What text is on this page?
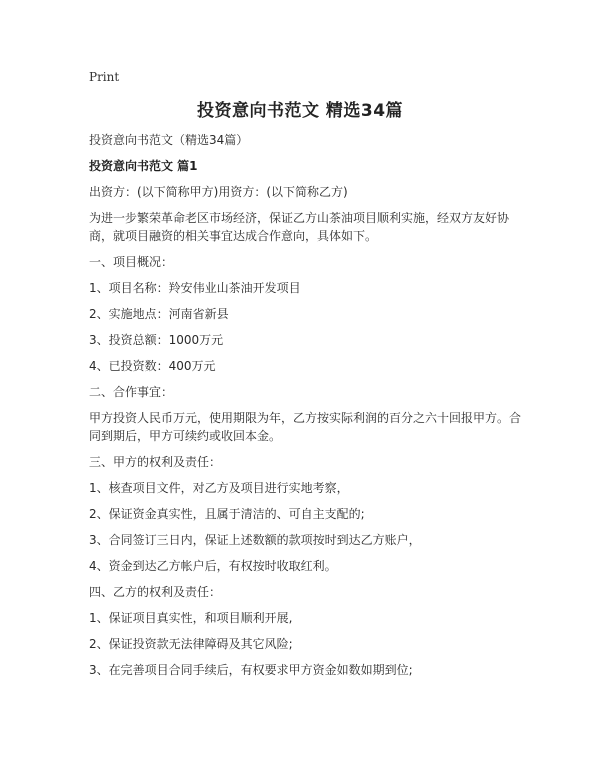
Print
投资意向书范文 精选34篇

投资意向书范文（精选34篇）

投资意向书范文 篇1

出资方：(以下简称甲方)用资方：(以下简称乙方)

为进一步繁荣革命老区市场经济，保证乙方山茶油项目顺利实施，经双方友好协商，就项目融资的相关事宜达成合作意向，具体如下。

一、项目概况：

1、项目名称：羚安伟业山茶油开发项目

2、实施地点：河南省新县

3、投资总额：1000万元

4、已投资数：400万元

二、合作事宜：

甲方投资人民币万元，使用期限为年，乙方按实际利润的百分之六十回报甲方。合同到期后，甲方可续约或收回本金。

三、甲方的权利及责任：

1、核查项目文件，对乙方及项目进行实地考察，

2、保证资金真实性，且属于清洁的、可自主支配的;

3、合同签订三日内，保证上述数额的款项按时到达乙方账户，

4、资金到达乙方帐户后，有权按时收取红利。

四、乙方的权利及责任：

1、保证项目真实性，和项目顺利开展,

2、保证投资款无法律障碍及其它风险;

3、在完善项目合同手续后，有权要求甲方资金如数如期到位;
